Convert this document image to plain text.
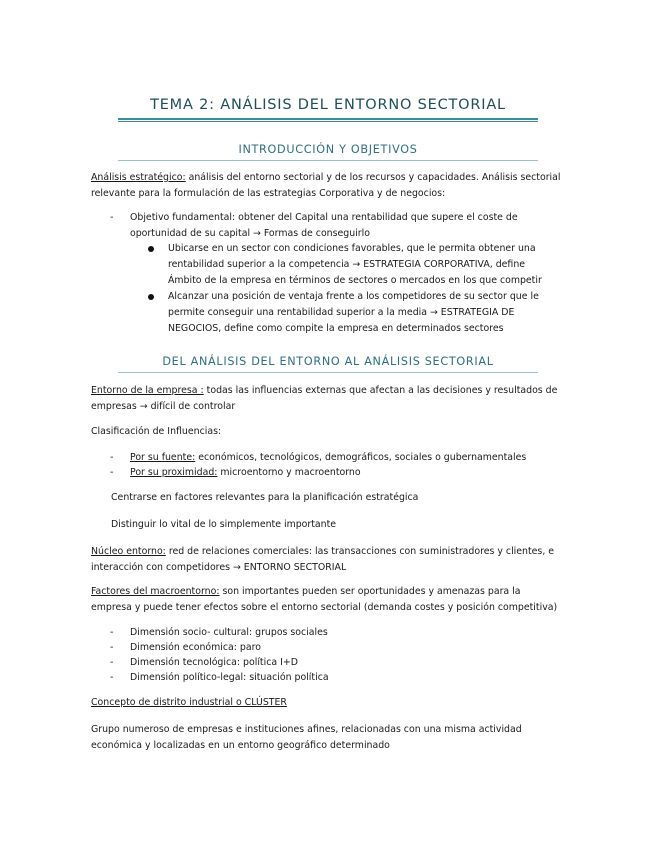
TEMA 2: ANÁLISIS DEL ENTORNO SECTORIAL
INTRODUCCIÓN Y OBJETIVOS

Análisis estratégico: análisis del entorno sectorial y de los recursos y capacidades. Análisis sectorial relevante para la formulación de las estrategias Corporativa y de negocios:

-	Objetivo fundamental: obtener del Capital una rentabilidad que supere el coste de oportunidad de su capital → Formas de conseguirlo
Ubicarse en un sector con condiciones favorables, que le permita obtener una rentabilidad superior a la competencia → ESTRATEGIA CORPORATIVA, define Ámbito de la empresa en términos de sectores o mercados en los que competir
Alcanzar una posición de ventaja frente a los competidores de su sector que le permite conseguir una rentabilidad superior a la media → ESTRATEGIA DE NEGOCIOS, define como compite la empresa en determinados sectores
DEL ANÁLISIS DEL ENTORNO AL ANÁLISIS SECTORIAL

Entorno de la empresa : todas las influencias externas que afectan a las decisiones y resultados de empresas → difícil de controlar

Clasificación de Influencias:

-	Por su fuente: económicos, tecnológicos, demográficos, sociales o gubernamentales
-	Por su proximidad: microentorno y macroentorno

Centrarse en factores relevantes para la planificación estratégica

Distinguir lo vital de lo simplemente importante

Núcleo entorno: red de relaciones comerciales: las transacciones con suministradores y clientes, e interacción con competidores → ENTORNO SECTORIAL

Factores del macroentorno: son importantes pueden ser oportunidades y amenazas para la empresa y puede tener efectos sobre el entorno sectorial (demanda costes y posición competitiva)

-	Dimensión socio- cultural: grupos sociales
-	Dimensión económica: paro
-	Dimensión tecnológica: política I+D
-	Dimensión político-legal: situación política

Concepto de distrito industrial o CLÚSTER

Grupo numeroso de empresas e instituciones afines, relacionadas con una misma actividad económica y localizadas en un entorno geográfico determinado
